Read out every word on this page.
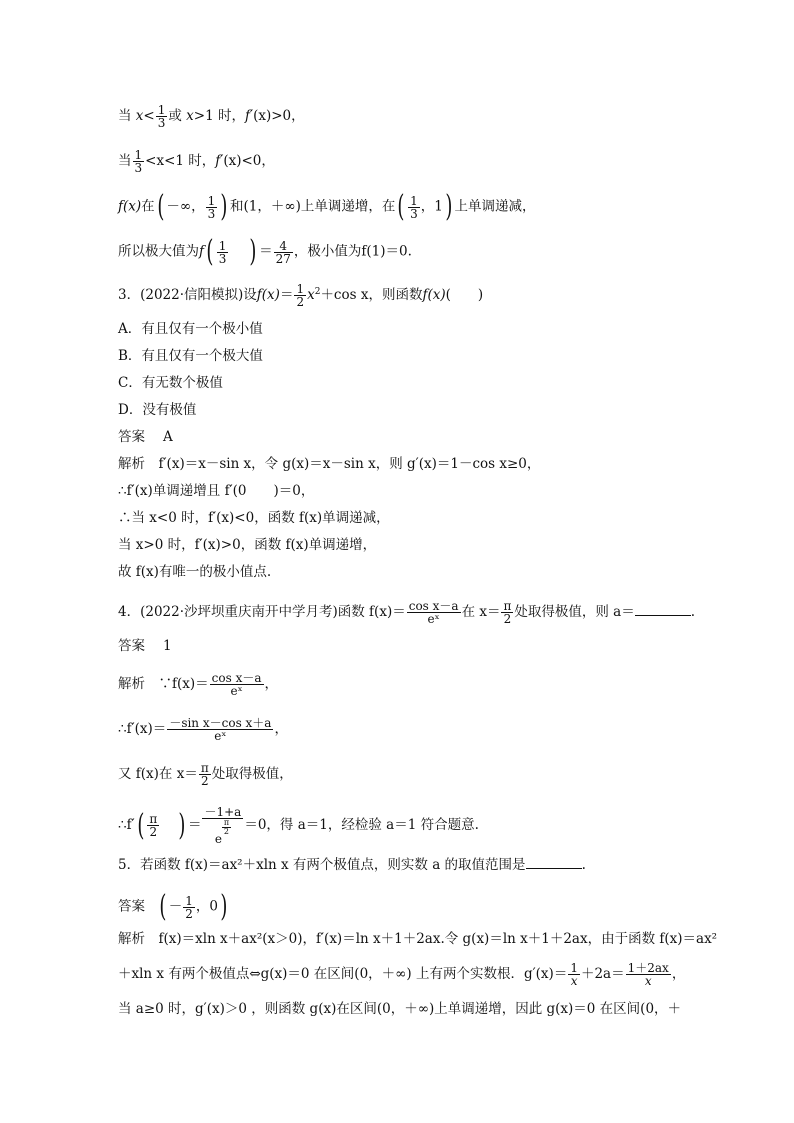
当 $x< \frac{1}{3}$ 或 x>1 时，f′(x)>0，
当 $\frac{1}{3} <x<1$ 时，f′(x)<0，
f(x)在( －∞， $\frac{1}{3}$ ) 和(1，＋∞)上单调递增，在( $\frac{1}{3}$ ，1) 上单调递减，
所以极大值为$f( \frac{1}{3}$ ) ＝ $\frac{4}{27}$ ，极小值为f(1)＝0.
3．(2022·信阳模拟)设$f(x)= \frac{1}{2} x^2+\cos$ x，则函数f(x)(　　)
A．有且仅有一个极小值
B．有且仅有一个极大值
C．有无数个极值
D．没有极值
答案 A
解析　f′(x)＝x－sin x，令 g(x)＝x－sin x，则 g′(x)＝1－cos x≥0，
∴f′(x)单调递增且 f′(0　　)＝0，
∴当 x<0 时，f′(x)<0，函数 f(x)单调递减，
当 x>0 时，f′(x)>0，函数 f(x)单调递增，
故 f(x)有唯一的极小值点.
4．(2022·沙坪坝重庆南开中学月考)函数 $f(x)= \frac{\text{cos x－a}}{\text{eˣ}}$ 在 $x= \frac{\pi}{2}$ 处取得极值，则 a＝	.
答案 1
解析　∵f(x)＝ $\frac{\text{cos x－a}}{\text{eˣ}}$ ，
∴f′(x)＝ $\frac{\text{－sin x－cos x＋a}}{\text{eˣ}}$ ，
又 f(x)在 $x= \frac{\pi}{2}$ 处取得极值，
∴f′( $\frac{\pi}{2}$ ) ＝ $\frac{-1+a}{e\frac{\pi}{2}} =0$，得 a＝1，经检验 a＝1 符合题意.
5．若函数 f(x)＝ax²＋xln x 有两个极值点，则实数 a 的取值范围是	.
答案 ( － $\frac{1}{2}$ ，0)
解析　f(x)＝xln x＋ax²(x＞0)，f′(x)＝ln x＋1＋2ax.令 g(x)＝ln x＋1＋2ax，由于函数 f(x)＝ax²
＋xln x 有两个极值点⇔g(x)＝0 在区间(0，＋∞) 上有两个实数根．$g'(x)= \frac{1}{x} +2a= \frac{1+2ax}{x}$ ，
当 a≥0 时，g′(x)＞0 ，则函数 g(x)在区间(0，＋∞)上单调递增，因此 g(x)＝0 在区间(0，＋
